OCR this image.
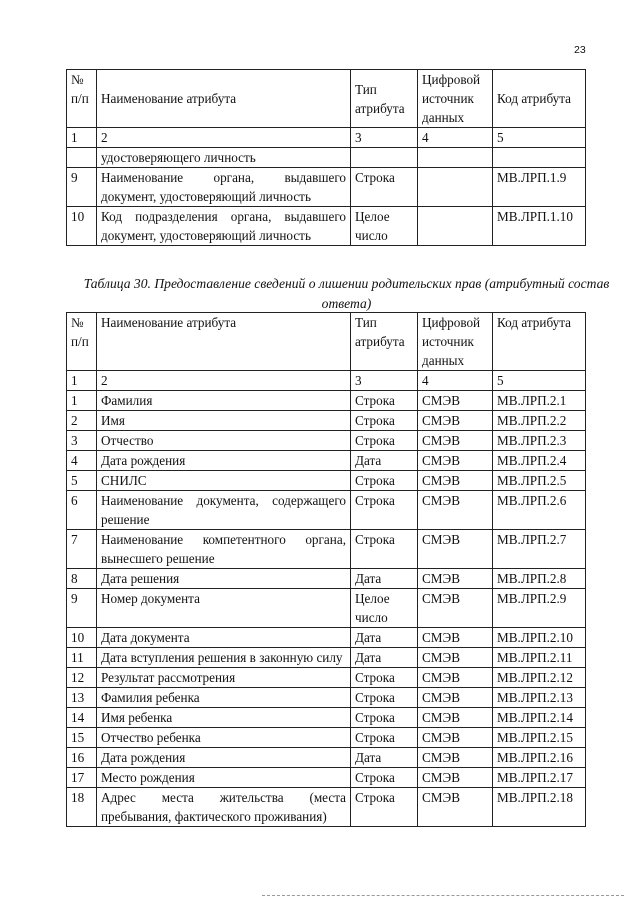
23
№ п/п	Наименование атрибута	Тип атрибута	Цифровой источник данных	Код атрибута
1	2	3	4	5
	удостоверяющего личность			
9	Наименование органа, выдавшего документ, удостоверяющий личность	Строка		МВ.ЛРП.1.9
10	Код подразделения органа, выдавшего документ, удостоверяющий личность	Целое число		МВ.ЛРП.1.10
Таблица 30. Предоставление сведений о лишении родительских прав (атрибутный состав ответа)
№ п/п	Наименование атрибута	Тип атрибута	Цифровой источник данных	Код атрибута
1	2	3	4	5
1	Фамилия	Строка	СМЭВ	МВ.ЛРП.2.1
2	Имя	Строка	СМЭВ	МВ.ЛРП.2.2
3	Отчество	Строка	СМЭВ	МВ.ЛРП.2.3
4	Дата рождения	Дата	СМЭВ	МВ.ЛРП.2.4
5	СНИЛС	Строка	СМЭВ	МВ.ЛРП.2.5
6	Наименование документа, содержащего решение	Строка	СМЭВ	МВ.ЛРП.2.6
7	Наименование компетентного органа, вынесшего решение	Строка	СМЭВ	МВ.ЛРП.2.7
8	Дата решения	Дата	СМЭВ	МВ.ЛРП.2.8
9	Номер документа	Целое число	СМЭВ	МВ.ЛРП.2.9
10	Дата документа	Дата	СМЭВ	МВ.ЛРП.2.10
11	Дата вступления решения в законную силу	Дата	СМЭВ	МВ.ЛРП.2.11
12	Результат рассмотрения	Строка	СМЭВ	МВ.ЛРП.2.12
13	Фамилия ребенка	Строка	СМЭВ	МВ.ЛРП.2.13
14	Имя ребенка	Строка	СМЭВ	МВ.ЛРП.2.14
15	Отчество ребенка	Строка	СМЭВ	МВ.ЛРП.2.15
16	Дата рождения	Дата	СМЭВ	МВ.ЛРП.2.16
17	Место рождения	Строка	СМЭВ	МВ.ЛРП.2.17
18	Адрес места жительства (места пребывания, фактического проживания)	Строка	СМЭВ	МВ.ЛРП.2.18
